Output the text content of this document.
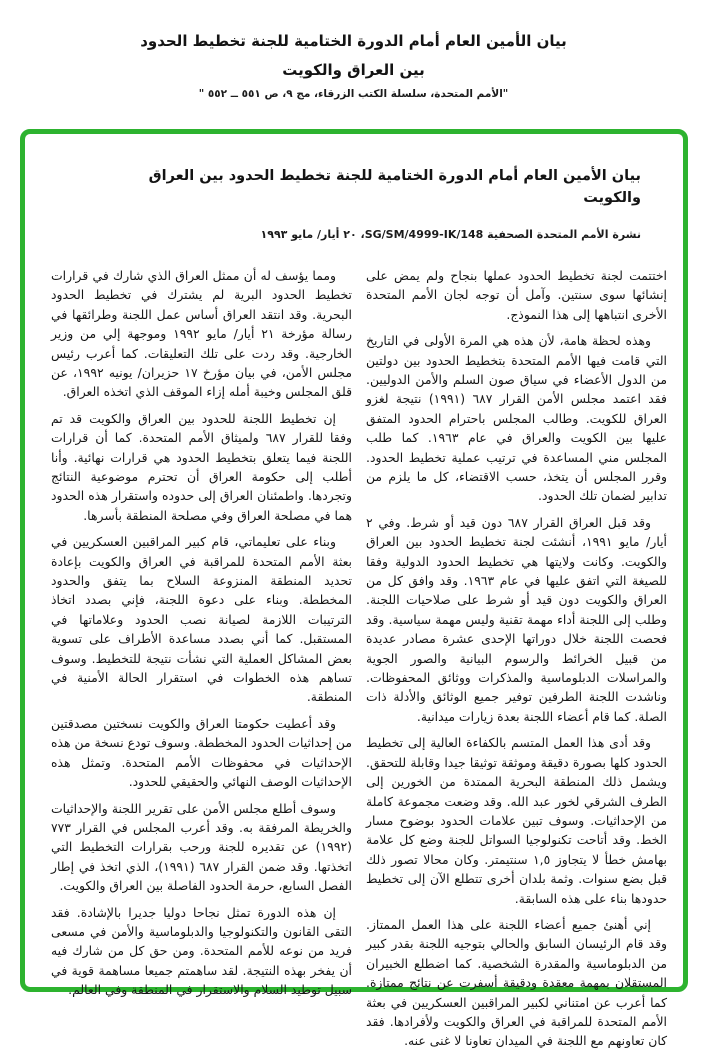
بيان الأمين العام أمام الدورة الختامية للجنة تخطيط الحدود
بين العراق والكويت
"الأمم المتحدة، سلسلة الكتب الزرقاء، مج ٩، ص ٥٥١ ــ ٥٥٢ "
بيان الأمين العام أمام الدورة الختامية للجنة تخطيط الحدود بين العراق والكويت
نشرة الأمم المتحدة الصحفية SG/SM/4999-IK/148، ٢٠ أيار/ مايو ١٩٩٣

اختتمت لجنة تخطيط الحدود عملها بنجاح ولم يمض على إنشائها سوى سنتين. وآمل أن توجه لجان الأمم المتحدة الأخرى انتباهها إلى هذا النموذج.

وهذه لحظة هامة، لأن هذه هي المرة الأولى في التاريخ التي قامت فيها الأمم المتحدة بتخطيط الحدود بين دولتين من الدول الأعضاء في سياق صون السلم والأمن الدوليين. فقد اعتمد مجلس الأمن القرار ٦٨٧ (١٩٩١) نتيجة لغزو العراق للكويت. وطالب المجلس باحترام الحدود المتفق عليها بين الكويت والعراق في عام ١٩٦٣. كما طلب المجلس مني المساعدة في ترتيب عملية تخطيط الحدود. وقرر المجلس أن يتخذ، حسب الاقتضاء، كل ما يلزم من تدابير لضمان تلك الحدود.

وقد قبل العراق القرار ٦٨٧ دون قيد أو شرط. وفي ٢ أيار/ مايو ١٩٩١، أنشئت لجنة تخطيط الحدود بين العراق والكويت. وكانت ولايتها هي تخطيط الحدود الدولية وفقا للصيغة التي اتفق عليها في عام ١٩٦٣. وقد وافق كل من العراق والكويت دون قيد أو شرط على صلاحيات اللجنة. وطلب إلى اللجنة أداء مهمة تقنية وليس مهمة سياسية. وقد فحصت اللجنة خلال دوراتها الإحدى عشرة مصادر عديدة من قبيل الخرائط والرسوم البيانية والصور الجوية والمراسلات الدبلوماسية والمذكرات ووثائق المحفوظات. وناشدت اللجنة الطرفين توفير جميع الوثائق والأدلة ذات الصلة. كما قام أعضاء اللجنة بعدة زيارات ميدانية.

وقد أدى هذا العمل المتسم بالكفاءة العالية إلى تخطيط الحدود كلها بصورة دقيقة وموثقة توثيقا جيدا وقابلة للتحقق. ويشمل ذلك المنطقة البحرية الممتدة من الخورين إلى الطرف الشرقي لخور عبد الله. وقد وضعت مجموعة كاملة من الإحداثيات. وسوف تبين علامات الحدود بوضوح مسار الخط. وقد أتاحت تكنولوجيا السواتل للجنة وضع كل علامة بهامش خطأ لا يتجاوز ١,٥ سنتيمتر. وكان محالا تصور ذلك قبل بضع سنوات. وثمة بلدان أخرى تتطلع الآن إلى تخطيط حدودها بناء على هذه السابقة.

إني أهنئ جميع أعضاء اللجنة على هذا العمل الممتاز. وقد قام الرئيسان السابق والحالي بتوجيه اللجنة بقدر كبير من الدبلوماسية والمقدرة الشخصية. كما اضطلع الخبيران المستقلان بمهمة معقدة ودقيقة أسفرت عن نتائج ممتازة. كما أعرب عن امتناني لكبير المراقبين العسكريين في بعثة الأمم المتحدة للمراقبة في العراق والكويت ولأفرادها. فقد كان تعاونهم مع اللجنة في الميدان تعاونا لا غنى عنه.

ومما يؤسف له أن ممثل العراق الذي شارك في قرارات تخطيط الحدود البرية لم يشترك في تخطيط الحدود البحرية. وقد انتقد العراق أساس عمل اللجنة وطرائقها في رسالة مؤرخة ٢١ أيار/ مايو ١٩٩٢ وموجهة إلي من وزير الخارجية. وقد ردت على تلك التعليقات. كما أعرب رئيس مجلس الأمن، في بيان مؤرخ ١٧ حزيران/ يونيه ١٩٩٢، عن قلق المجلس وخيبة أمله إزاء الموقف الذي اتخذه العراق.

إن تخطيط اللجنة للحدود بين العراق والكويت قد تم وفقا للقرار ٦٨٧ ولميثاق الأمم المتحدة. كما أن قرارات اللجنة فيما يتعلق بتخطيط الحدود هي قرارات نهائية. وأنا أطلب إلى حكومة العراق أن تحترم موضوعية النتائج وتجردها. واطمئنان العراق إلى حدوده واستقرار هذه الحدود هما في مصلحة العراق وفي مصلحة المنطقة بأسرها.

وبناء على تعليماتي، قام كبير المراقبين العسكريين في بعثة الأمم المتحدة للمراقبة في العراق والكويت بإعادة تحديد المنطقة المنزوعة السلاح بما يتفق والحدود المخططة. وبناء على دعوة اللجنة، فإني بصدد اتخاذ الترتيبات اللازمة لصيانة نصب الحدود وعلاماتها في المستقبل. كما أني بصدد مساعدة الأطراف على تسوية بعض المشاكل العملية التي نشأت نتيجة للتخطيط. وسوف تساهم هذه الخطوات في استقرار الحالة الأمنية في المنطقة.

وقد أعطيت حكومتا العراق والكويت نسختين مصدقتين من إحداثيات الحدود المخططة. وسوف تودع نسخة من هذه الإحداثيات في محفوظات الأمم المتحدة. وتمثل هذه الإحداثيات الوصف النهائي والحقيقي للحدود.

وسوف أطلع مجلس الأمن على تقرير اللجنة والإحداثيات والخريطة المرفقة به. وقد أعرب المجلس في القرار ٧٧٣ (١٩٩٢) عن تقديره للجنة ورحب بقرارات التخطيط التي اتخذتها. وقد ضمن القرار ٦٨٧ (١٩٩١)، الذي اتخذ في إطار الفصل السابع، حرمة الحدود الفاصلة بين العراق والكويت.

إن هذه الدورة تمثل نجاحا دوليا جديرا بالإشادة. فقد التقى القانون والتكنولوجيا والدبلوماسية والأمن في مسعى فريد من نوعه للأمم المتحدة. ومن حق كل من شارك فيه أن يفخر بهذه النتيجة. لقد ساهمتم جميعا مساهمة قوية في سبيل توطيد السلام والاستقرار في المنطقة وفي العالم.
